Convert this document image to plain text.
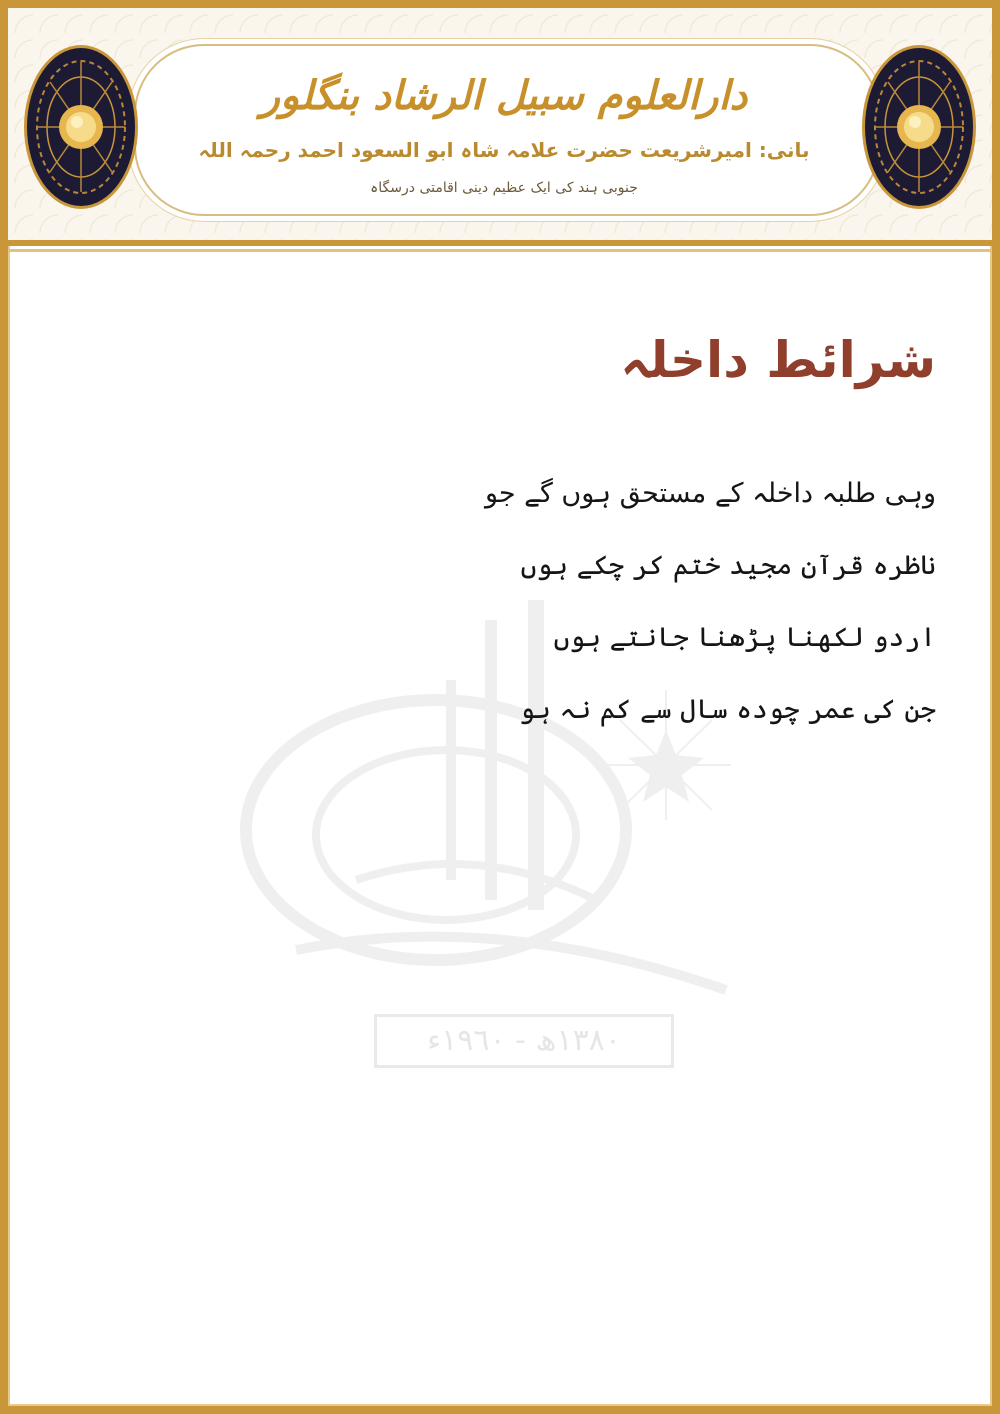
دارالعلوم سبیل الرشاد بنگلور
بانی: امیرشریعت حضرت علامہ شاہ ابو السعود احمد رحمہ اللہ
جنوبی ہند کی ایک عظیم دینی اقامتی درسگاہ
١٣٨٠ھ - ١٩٦٠ء
شرائط داخلہ
وہی طلبہ داخلہ کے مستحق ہوں گے جو
ناظرہ قرآن مجید ختم کر چکے ہوں
اردو لکھنا پڑھنا جانتے ہوں
جن کی عمر چودہ سال سے کم نہ ہو
